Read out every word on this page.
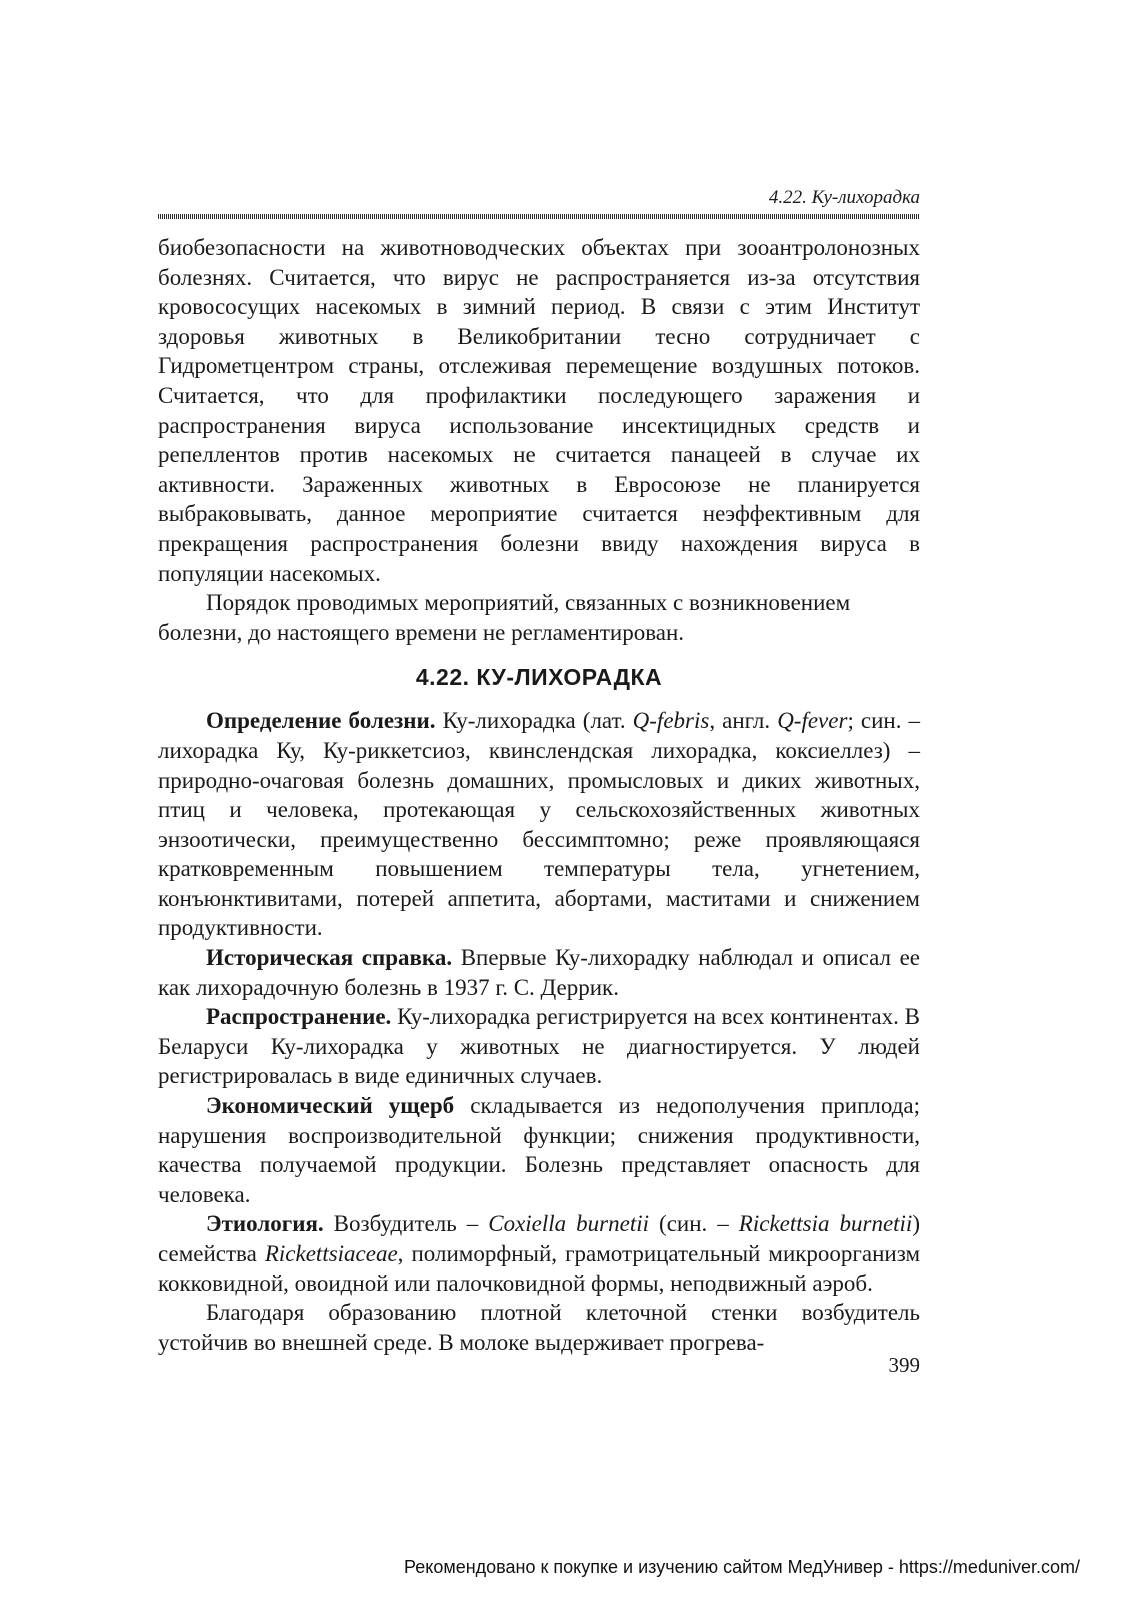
4.22. Ку-лихорадка

биобезопасности на животноводческих объектах при зооантролонозных болезнях. Считается, что вирус не распространяется из-за отсутствия кровососущих насекомых в зимний период. В связи с этим Институт здоровья животных в Великобритании тесно сотрудничает с Гидрометцентром страны, отслеживая перемещение воздушных потоков. Считается, что для профилактики последующего заражения и распространения вируса использование инсектицидных средств и репеллентов против насекомых не считается панацеей в случае их активности. Зараженных животных в Евросоюзе не планируется выбраковывать, данное мероприятие считается неэффективным для прекращения распространения болезни ввиду нахождения вируса в популяции насекомых.

Порядок проводимых мероприятий, связанных с возникновением болезни, до настоящего времени не регламентирован.

4.22. КУ-ЛИХОРАДКА

Определение болезни. Ку-лихорадка (лат. Q-febris, англ. Q-fever; син. – лихорадка Ку, Ку-риккетсиоз, квинслендская лихорадка, коксиеллез) – природно-очаговая болезнь домашних, промысловых и диких животных, птиц и человека, протекающая у сельскохозяйственных животных энзоотически, преимущественно бессимптомно; реже проявляющаяся кратковременным повышением температуры тела, угнетением, конъюнктивитами, потерей аппетита, абортами, маститами и снижением продуктивности.

Историческая справка. Впервые Ку-лихорадку наблюдал и описал ее как лихорадочную болезнь в 1937 г. С. Деррик.

Распространение. Ку-лихорадка регистрируется на всех континентах. В Беларуси Ку-лихорадка у животных не диагностируется. У людей регистрировалась в виде единичных случаев.

Экономический ущерб складывается из недополучения приплода; нарушения воспроизводительной функции; снижения продуктивности, качества получаемой продукции. Болезнь представляет опасность для человека.

Этиология. Возбудитель – Coxiella burnetii (син. – Rickettsia burnetii) семейства Rickettsiaceae, полиморфный, грамотрицательный микроорганизм кокковидной, овоидной или палочковидной формы, неподвижный аэроб.

Благодаря образованию плотной клеточной стенки возбудитель устойчив во внешней среде. В молоке выдерживает прогрева-

399
Рекомендовано к покупке и изучению сайтом МедУнивер - https://meduniver.com/
